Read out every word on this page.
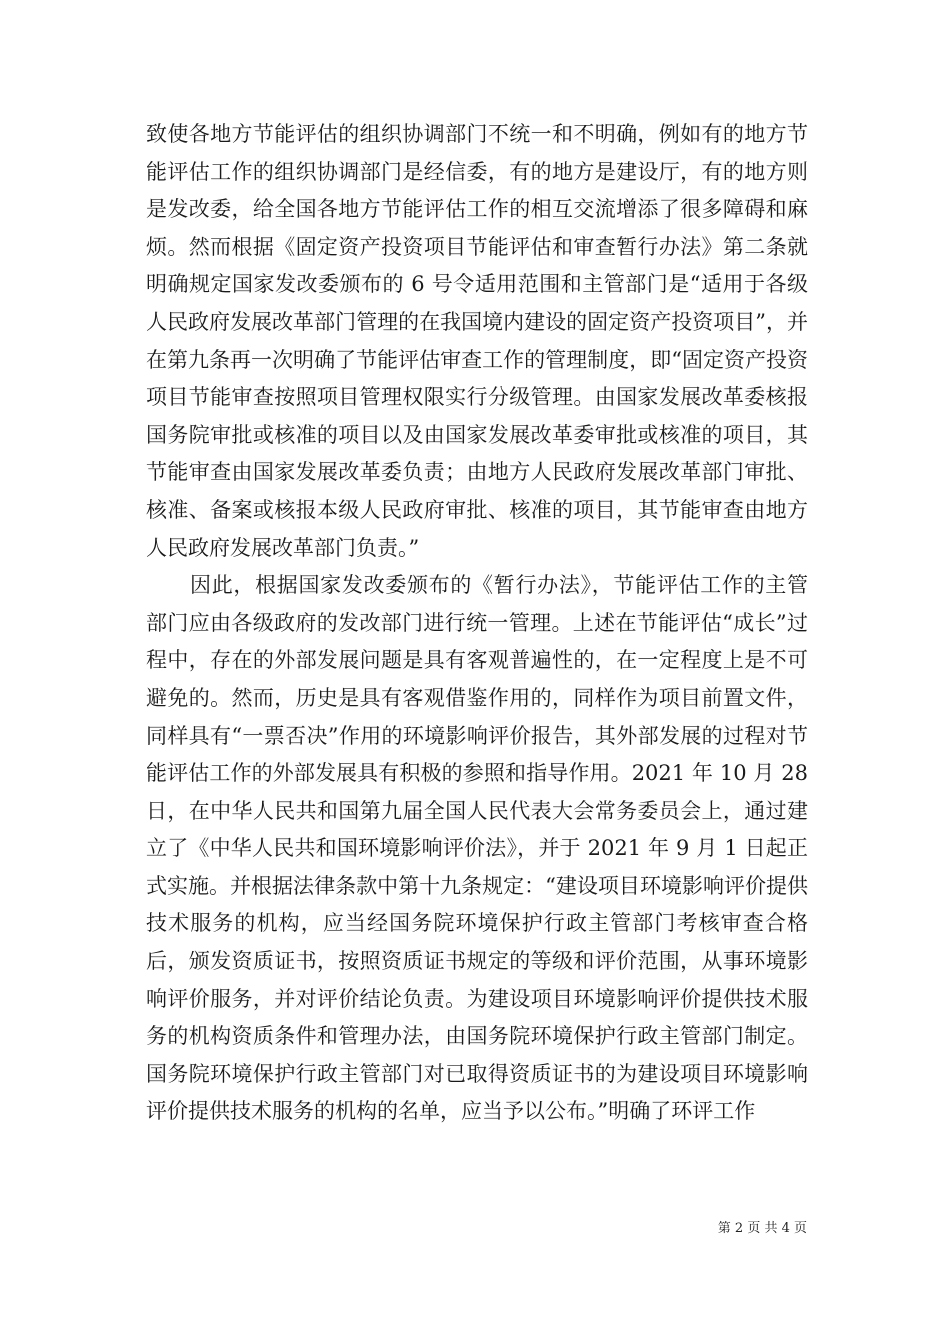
致使各地方节能评估的组织协调部门不统一和不明确，例如有的地方节能评估工作的组织协调部门是经信委，有的地方是建设厅，有的地方则是发改委，给全国各地方节能评估工作的相互交流增添了很多障碍和麻烦。然而根据《固定资产投资项目节能评估和审查暂行办法》第二条就明确规定国家发改委颁布的 6 号令适用范围和主管部门是“适用于各级人民政府发展改革部门管理的在我国境内建设的固定资产投资项目”，并在第九条再一次明确了节能评估审查工作的管理制度，即“固定资产投资项目节能审查按照项目管理权限实行分级管理。由国家发展改革委核报国务院审批或核准的项目以及由国家发展改革委审批或核准的项目，其节能审查由国家发展改革委负责；由地方人民政府发展改革部门审批、核准、备案或核报本级人民政府审批、核准的项目，其节能审查由地方人民政府发展改革部门负责。”

因此，根据国家发改委颁布的《暂行办法》，节能评估工作的主管部门应由各级政府的发改部门进行统一管理。上述在节能评估“成长”过程中，存在的外部发展问题是具有客观普遍性的，在一定程度上是不可避免的。然而，历史是具有客观借鉴作用的，同样作为项目前置文件，同样具有“一票否决”作用的环境影响评价报告，其外部发展的过程对节能评估工作的外部发展具有积极的参照和指导作用。2021 年 10 月 28 日，在中华人民共和国第九届全国人民代表大会常务委员会上，通过建立了《中华人民共和国环境影响评价法》，并于 2021 年 9 月 1 日起正式实施。并根据法律条款中第十九条规定：“建设项目环境影响评价提供技术服务的机构，应当经国务院环境保护行政主管部门考核审查合格后，颁发资质证书，按照资质证书规定的等级和评价范围，从事环境影响评价服务，并对评价结论负责。为建设项目环境影响评价提供技术服务的机构资质条件和管理办法，由国务院环境保护行政主管部门制定。国务院环境保护行政主管部门对已取得资质证书的为建设项目环境影响评价提供技术服务的机构的名单，应当予以公布。”明确了环评工作

第 2 页 共 4 页
